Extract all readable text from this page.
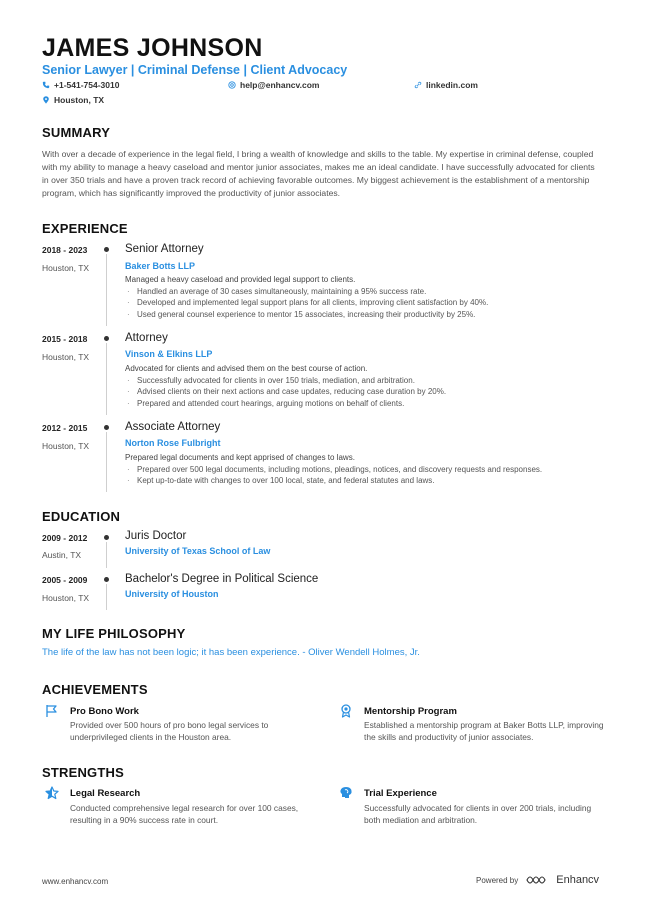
JAMES JOHNSON
Senior Lawyer | Criminal Defense | Client Advocacy
+1-541-754-3010	help@enhancv.com	linkedin.com
Houston, TX
SUMMARY
With over a decade of experience in the legal field, I bring a wealth of knowledge and skills to the table. My expertise in criminal defense, coupled with my ability to manage a heavy caseload and mentor junior associates, makes me an ideal candidate. I have successfully advocated for clients in over 350 trials and have a proven track record of achieving favorable outcomes. My biggest achievement is the establishment of a mentorship program, which has significantly improved the productivity of junior associates.
EXPERIENCE
2018 - 2023
Houston, TX
Senior Attorney
Baker Botts LLP
Managed a heavy caseload and provided legal support to clients.
· Handled an average of 30 cases simultaneously, maintaining a 95% success rate.
· Developed and implemented legal support plans for all clients, improving client satisfaction by 40%.
· Used general counsel experience to mentor 15 associates, increasing their productivity by 25%.
2015 - 2018
Houston, TX
Attorney
Vinson & Elkins LLP
Advocated for clients and advised them on the best course of action.
· Successfully advocated for clients in over 150 trials, mediation, and arbitration.
· Advised clients on their next actions and case updates, reducing case duration by 20%.
· Prepared and attended court hearings, arguing motions on behalf of clients.
2012 - 2015
Houston, TX
Associate Attorney
Norton Rose Fulbright
Prepared legal documents and kept apprised of changes to laws.
· Prepared over 500 legal documents, including motions, pleadings, notices, and discovery requests and responses.
· Kept up-to-date with changes to over 100 local, state, and federal statutes and laws.
EDUCATION
2009 - 2012
Austin, TX
Juris Doctor
University of Texas School of Law
2005 - 2009
Houston, TX
Bachelor's Degree in Political Science
University of Houston
MY LIFE PHILOSOPHY
The life of the law has not been logic; it has been experience. - Oliver Wendell Holmes, Jr.
ACHIEVEMENTS
Pro Bono Work
Provided over 500 hours of pro bono legal services to underprivileged clients in the Houston area.
Mentorship Program
Established a mentorship program at Baker Botts LLP, improving the skills and productivity of junior associates.
STRENGTHS
Legal Research
Conducted comprehensive legal research for over 100 cases, resulting in a 90% success rate in court.
Trial Experience
Successfully advocated for clients in over 200 trials, including both mediation and arbitration.
www.enhancv.com	Powered by	Enhancv
